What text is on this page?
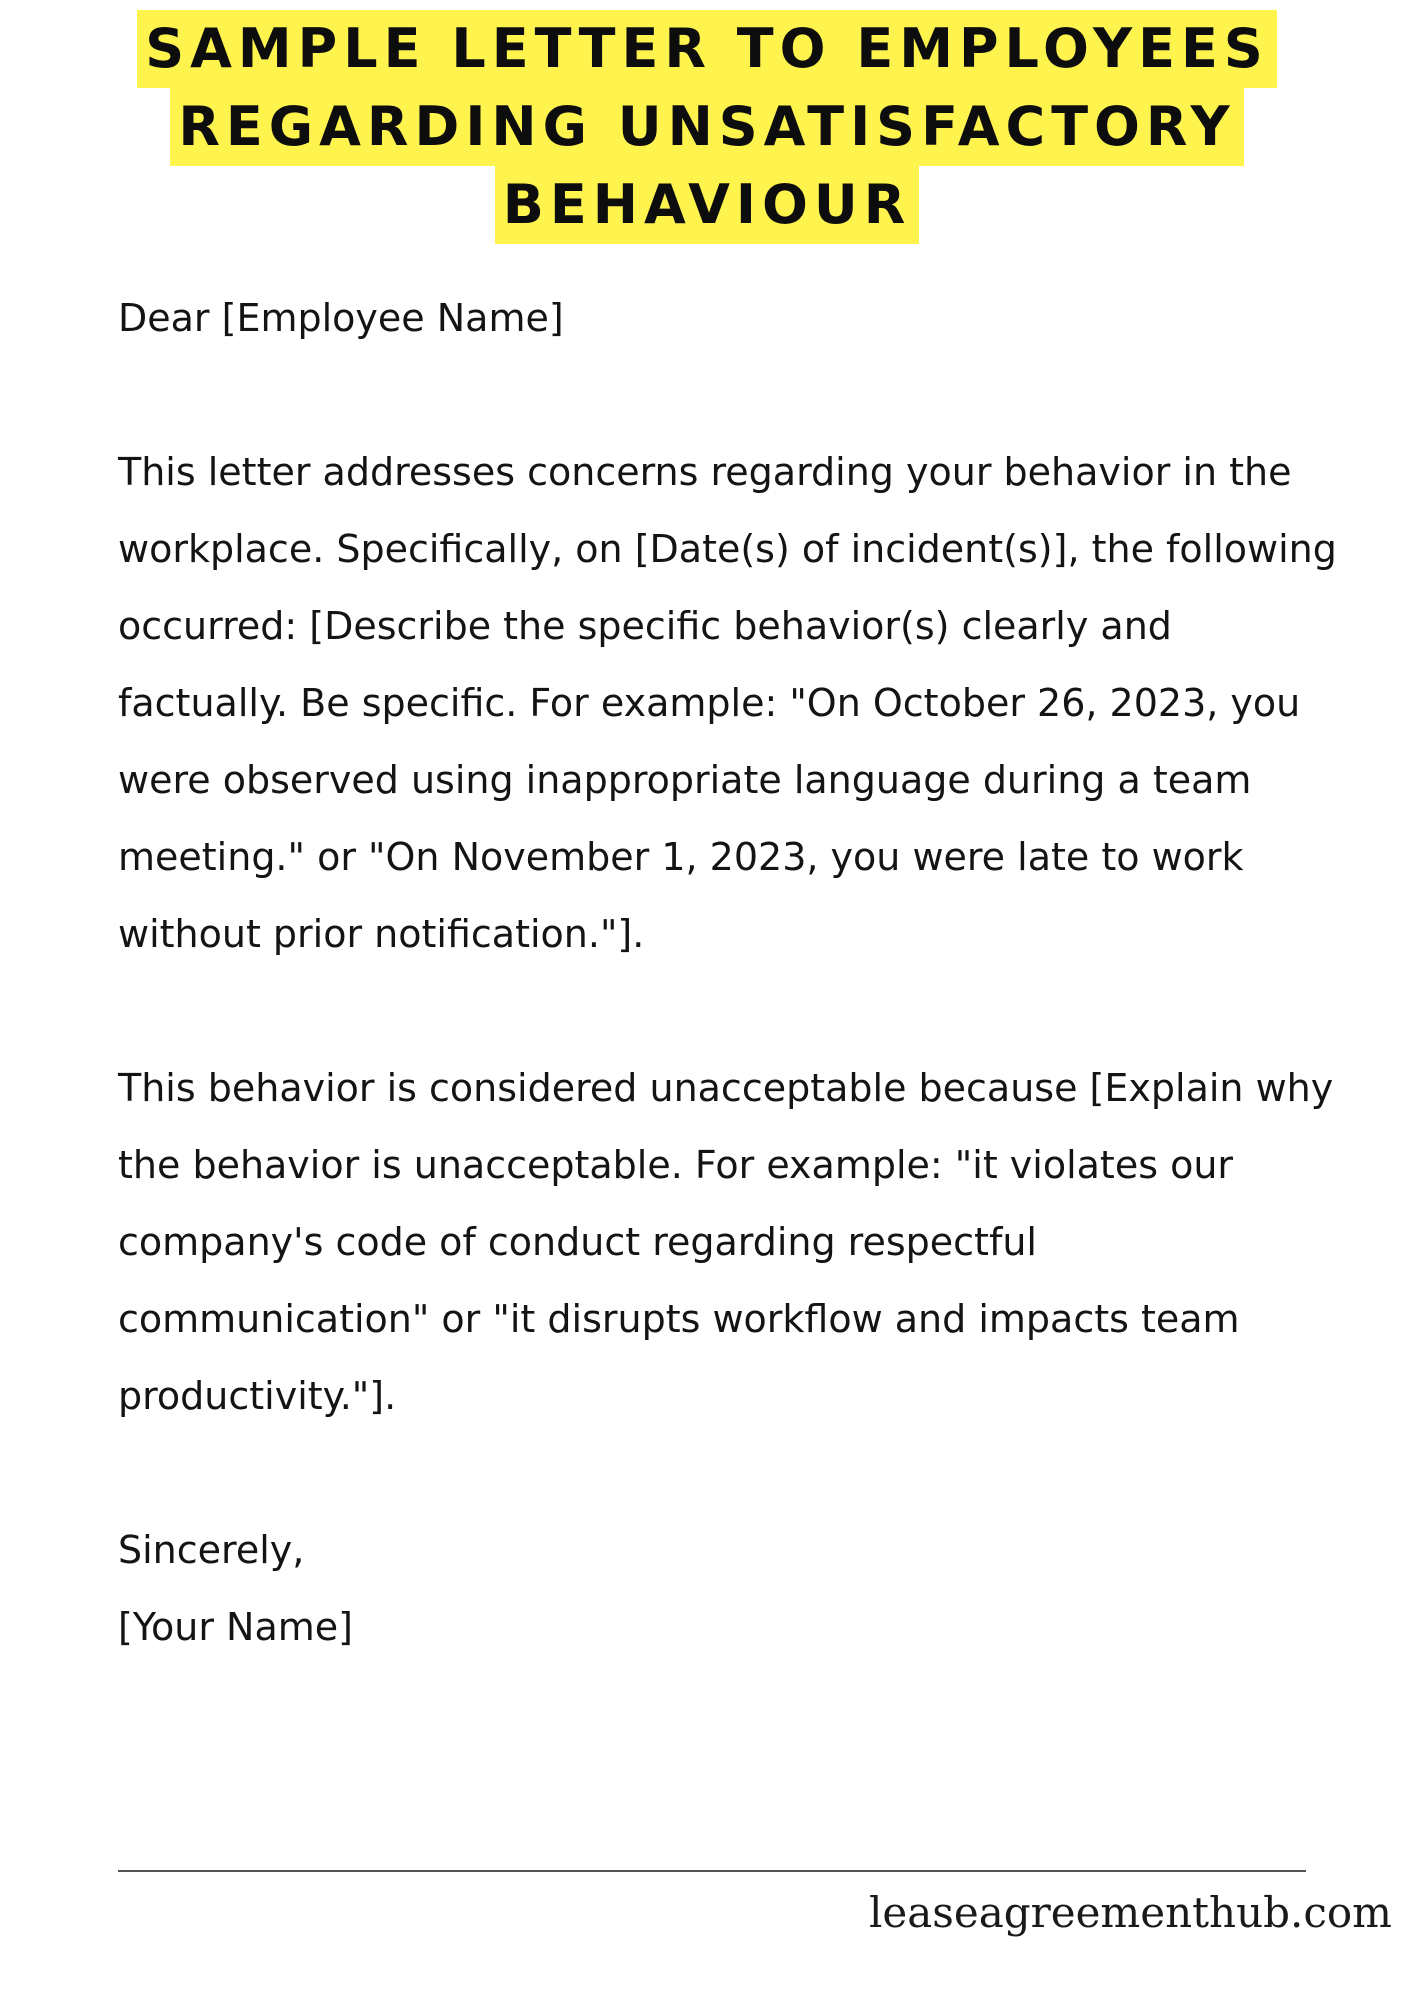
SAMPLE LETTER TO EMPLOYEES
REGARDING UNSATISFACTORY
BEHAVIOUR

Dear [Employee Name]

This letter addresses concerns regarding your behavior in the workplace. Specifically, on [Date(s) of incident(s)], the following occurred: [Describe the specific behavior(s) clearly and factually. Be specific. For example: "On October 26, 2023, you were observed using inappropriate language during a team meeting." or "On November 1, 2023, you were late to work without prior notification."].

This behavior is considered unacceptable because [Explain why the behavior is unacceptable. For example: "it violates our company's code of conduct regarding respectful communication" or "it disrupts workflow and impacts team productivity."].

Sincerely,

[Your Name]

leaseagreementhub.com
